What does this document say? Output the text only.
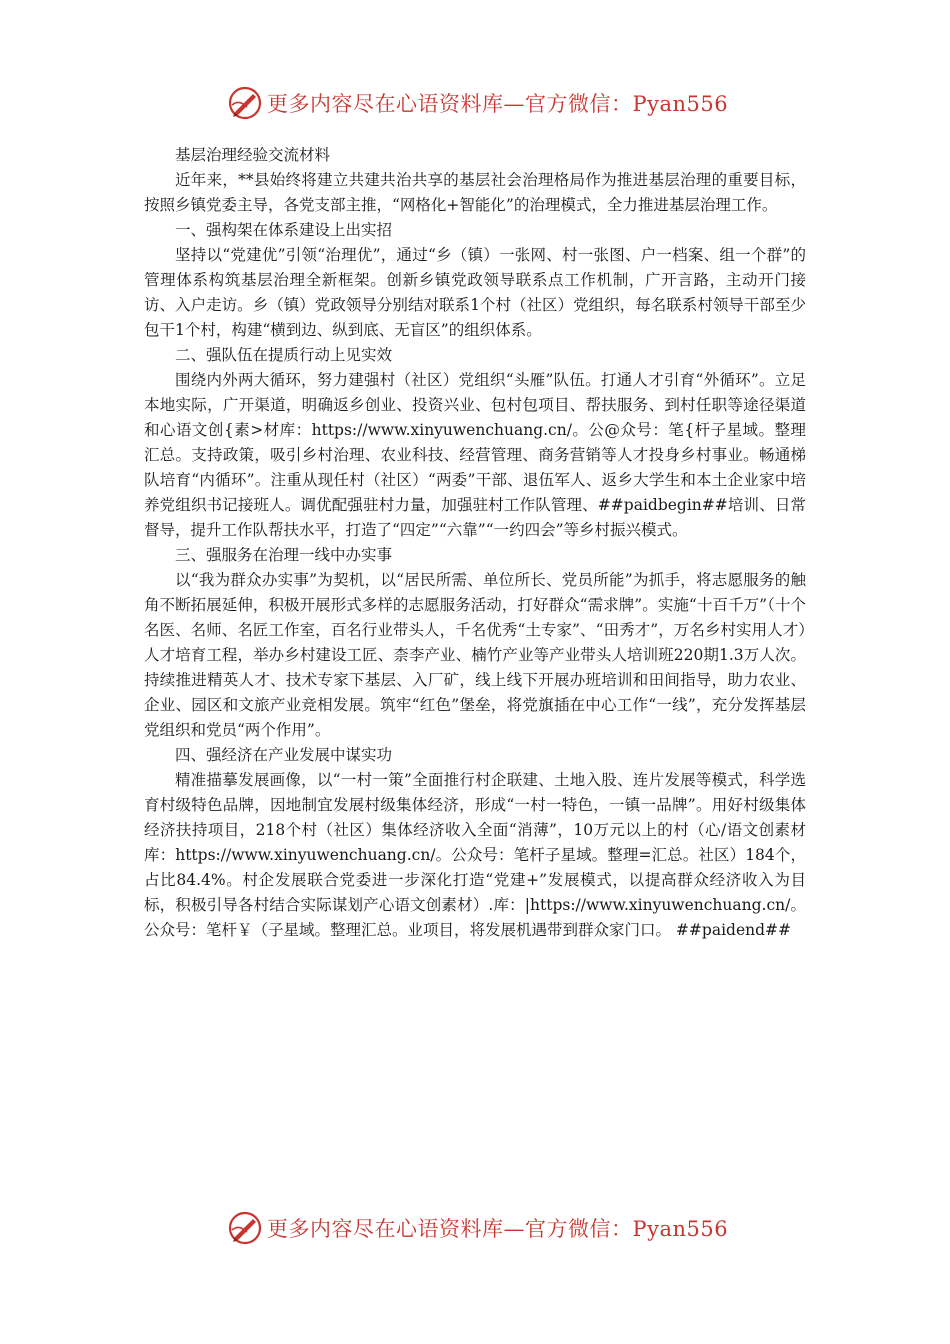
更多内容尽在心语资料库—官方微信：Pyan556

基层治理经验交流材料

近年来，**县始终将建立共建共治共享的基层社会治理格局作为推进基层治理的重要目标，按照乡镇党委主导，各党支部主推，“网格化+智能化”的治理模式，全力推进基层治理工作。

一、强构架在体系建设上出实招

坚持以“党建优”引领“治理优”，通过“乡（镇）一张网、村一张图、户一档案、组一个群”的管理体系构筑基层治理全新框架。创新乡镇党政领导联系点工作机制，广开言路，主动开门接访、入户走访。乡（镇）党政领导分别结对联系1个村（社区）党组织，每名联系村领导干部至少包干1个村，构建“横到边、纵到底、无盲区”的组织体系。

二、强队伍在提质行动上见实效

围绕内外两大循环，努力建强村（社区）党组织“头雁”队伍。打通人才引育“外循环”。立足本地实际，广开渠道，明确返乡创业、投资兴业、包村包项目、帮扶服务、到村任职等途径渠道和心语文创{素>材库：https://www.xinyuwenchuang.cn/。公@众号：笔{杆子星域。整理汇总。支持政策，吸引乡村治理、农业科技、经营管理、商务营销等人才投身乡村事业。畅通梯队培育“内循环”。注重从现任村（社区）“两委”干部、退伍军人、返乡大学生和本土企业家中培养党组织书记接班人。调优配强驻村力量，加强驻村工作队管理、##paidbegin##培训、日常督导，提升工作队帮扶水平，打造了“四定”“六靠”“一约四会”等乡村振兴模式。

三、强服务在治理一线中办实事

以“我为群众办实事”为契机，以“居民所需、单位所长、党员所能”为抓手，将志愿服务的触角不断拓展延伸，积极开展形式多样的志愿服务活动，打好群众“需求牌”。实施“十百千万”（十个名医、名师、名匠工作室，百名行业带头人，千名优秀“土专家”、“田秀才”，万名乡村实用人才）人才培育工程，举办乡村建设工匠、柰李产业、楠竹产业等产业带头人培训班220期1.3万人次。持续推进精英人才、技术专家下基层、入厂矿，线上线下开展办班培训和田间指导，助力农业、企业、园区和文旅产业竞相发展。筑牢“红色”堡垒，将党旗插在中心工作“一线”，充分发挥基层党组织和党员“两个作用”。

四、强经济在产业发展中谋实功

精准描摹发展画像，以“一村一策”全面推行村企联建、土地入股、连片发展等模式，科学选育村级特色品牌，因地制宜发展村级集体经济，形成“一村一特色，一镇一品牌”。用好村级集体经济扶持项目，218个村（社区）集体经济收入全面“消薄”，10万元以上的村（心/语文创素材库：https://www.xinyuwenchuang.cn/。公众号：笔杆子星域。整理=汇总。社区）184个，占比84.4%。村企发展联合党委进一步深化打造“党建+”发展模式，以提高群众经济收入为目标，积极引导各村结合实际谋划产心语文创素材）.库：|https://www.xinyuwenchuang.cn/。公众号：笔杆￥（子星域。整理汇总。业项目，将发展机遇带到群众家门口。 ##paidend##

更多内容尽在心语资料库—官方微信：Pyan556
